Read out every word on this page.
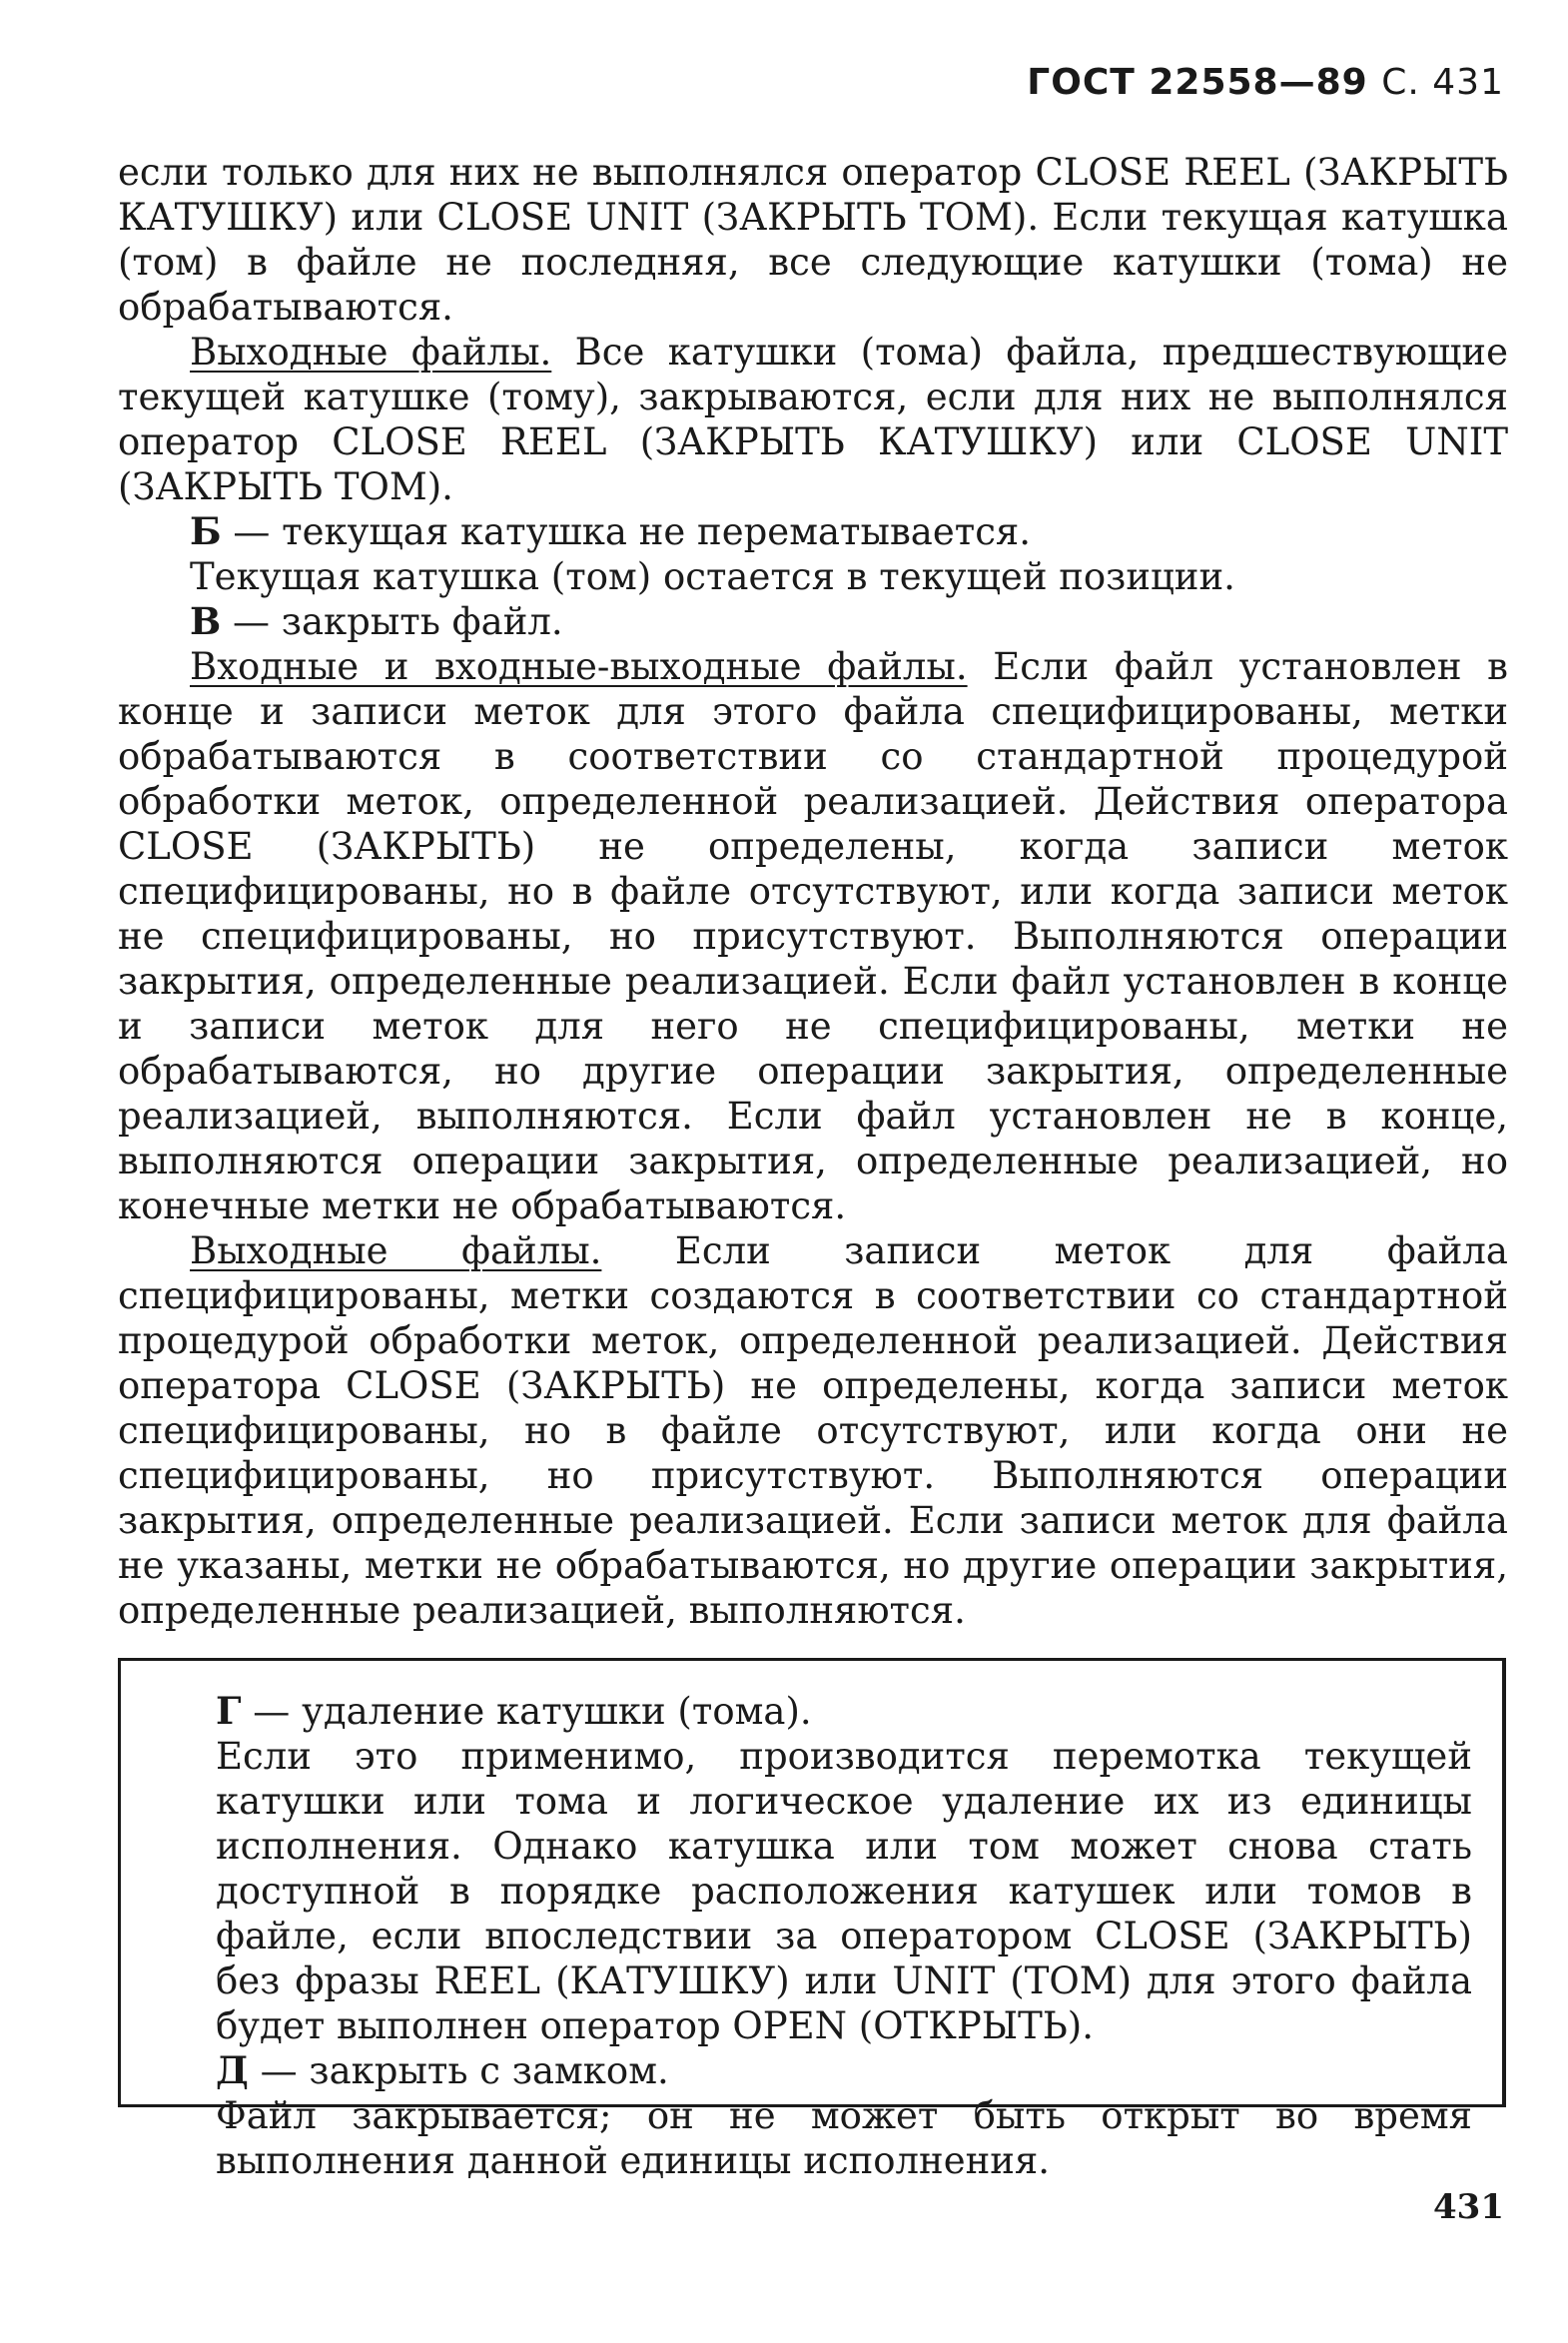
ГОСТ 22558—89 С. 431

если только для них не выполнялся оператор CLOSE REEL (ЗАКРЫТЬ КАТУШКУ) или CLOSE UNIT (ЗАКРЫТЬ ТОМ). Если текущая катушка (том) в файле не последняя, все следующие катушки (тома) не обрабатываются.

Выходные файлы. Все катушки (тома) файла, предшествующие текущей катушке (тому), закрываются, если для них не выполнялся оператор CLOSE REEL (ЗАКРЫТЬ КАТУШКУ) или CLOSE UNIT (ЗАКРЫТЬ ТОМ).

Б — текущая катушка не перематывается.

Текущая катушка (том) остается в текущей позиции.

В — закрыть файл.

Входные и входные-выходные файлы. Если файл установлен в конце и записи меток для этого файла специфицированы, метки обрабатываются в соответствии со стандартной процедурой обработки меток, определенной реализацией. Действия оператора CLOSE (ЗАКРЫТЬ) не определены, когда записи меток специфицированы, но в файле отсутствуют, или когда записи меток не специфицированы, но присутствуют. Выполняются операции закрытия, определенные реализацией. Если файл установлен в конце и записи меток для него не специфицированы, метки не обрабатываются, но другие операции закрытия, определенные реализацией, выполняются. Если файл установлен не в конце, выполняются операции закрытия, определенные реализацией, но конечные метки не обрабатываются.

Выходные файлы. Если записи меток для файла специфицированы, метки создаются в соответствии со стандартной процедурой обработки меток, определенной реализацией. Действия оператора CLOSE (ЗАКРЫТЬ) не определены, когда записи меток специфицированы, но в файле отсутствуют, или когда они не специфицированы, но присутствуют. Выполняются операции закрытия, определенные реализацией. Если записи меток для файла не указаны, метки не обрабатываются, но другие операции закрытия, определенные реализацией, выполняются.

Г — удаление катушки (тома).

Если это применимо, производится перемотка текущей катушки или тома и логическое удаление их из единицы исполнения. Однако катушка или том может снова стать доступной в порядке расположения катушек или томов в файле, если впоследствии за оператором CLOSE (ЗАКРЫТЬ) без фразы REEL (КАТУШКУ) или UNIT (ТОМ) для этого файла будет выполнен оператор OPEN (ОТКРЫТЬ).

Д — закрыть с замком.

Файл закрывается; он не может быть открыт во время выполнения данной единицы исполнения.

431
